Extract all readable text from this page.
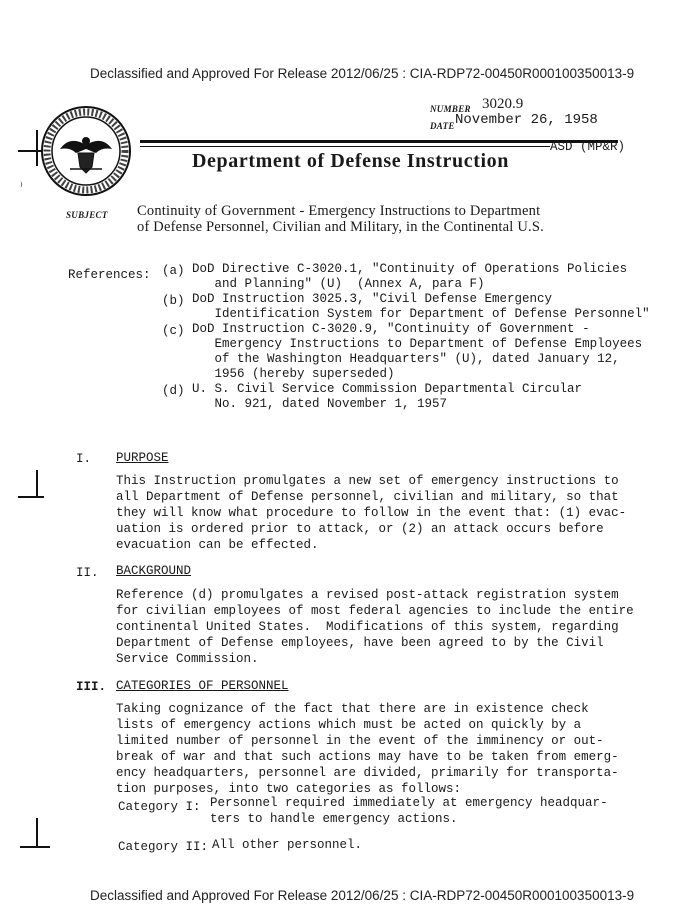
Declassified and Approved For Release 2012/06/25 : CIA-RDP72-00450R000100350013-9
NUMBER 3020.9
DATE November 26, 1958
ASD (MP&R)
Department of Defense Instruction
⁾
SUBJECT Continuity of Government - Emergency Instructions to Department
of Defense Personnel, Civilian and Military, in the Continental U.S.
References: (a) DoD Directive C-3020.1, "Continuity of Operations Policies
and Planning" (U)  (Annex A, para F)
(b) DoD Instruction 3025.3, "Civil Defense Emergency
Identification System for Department of Defense Personnel"
(c) DoD Instruction C-3020.9, "Continuity of Government -
Emergency Instructions to Department of Defense Employees
of the Washington Headquarters" (U), dated January 12,
1956 (hereby superseded)
(d) U. S. Civil Service Commission Departmental Circular
No. 921, dated November 1, 1957
I. PURPOSE
This Instruction promulgates a new set of emergency instructions to
all Department of Defense personnel, civilian and military, so that
they will know what procedure to follow in the event that: (1) evac-
uation is ordered prior to attack, or (2) an attack occurs before
evacuation can be effected.
II. BACKGROUND
Reference (d) promulgates a revised post-attack registration system
for civilian employees of most federal agencies to include the entire
continental United States.  Modifications of this system, regarding
Department of Defense employees, have been agreed to by the Civil
Service Commission.
III. CATEGORIES OF PERSONNEL
Taking cognizance of the fact that there are in existence check
lists of emergency actions which must be acted on quickly by a
limited number of personnel in the event of the imminency or out-
break of war and that such actions may have to be taken from emerg-
ency headquarters, personnel are divided, primarily for transporta-
tion purposes, into two categories as follows:
Category I: Personnel required immediately at emergency headquar-
ters to handle emergency actions.
Category II: All other personnel.
Declassified and Approved For Release 2012/06/25 : CIA-RDP72-00450R000100350013-9
